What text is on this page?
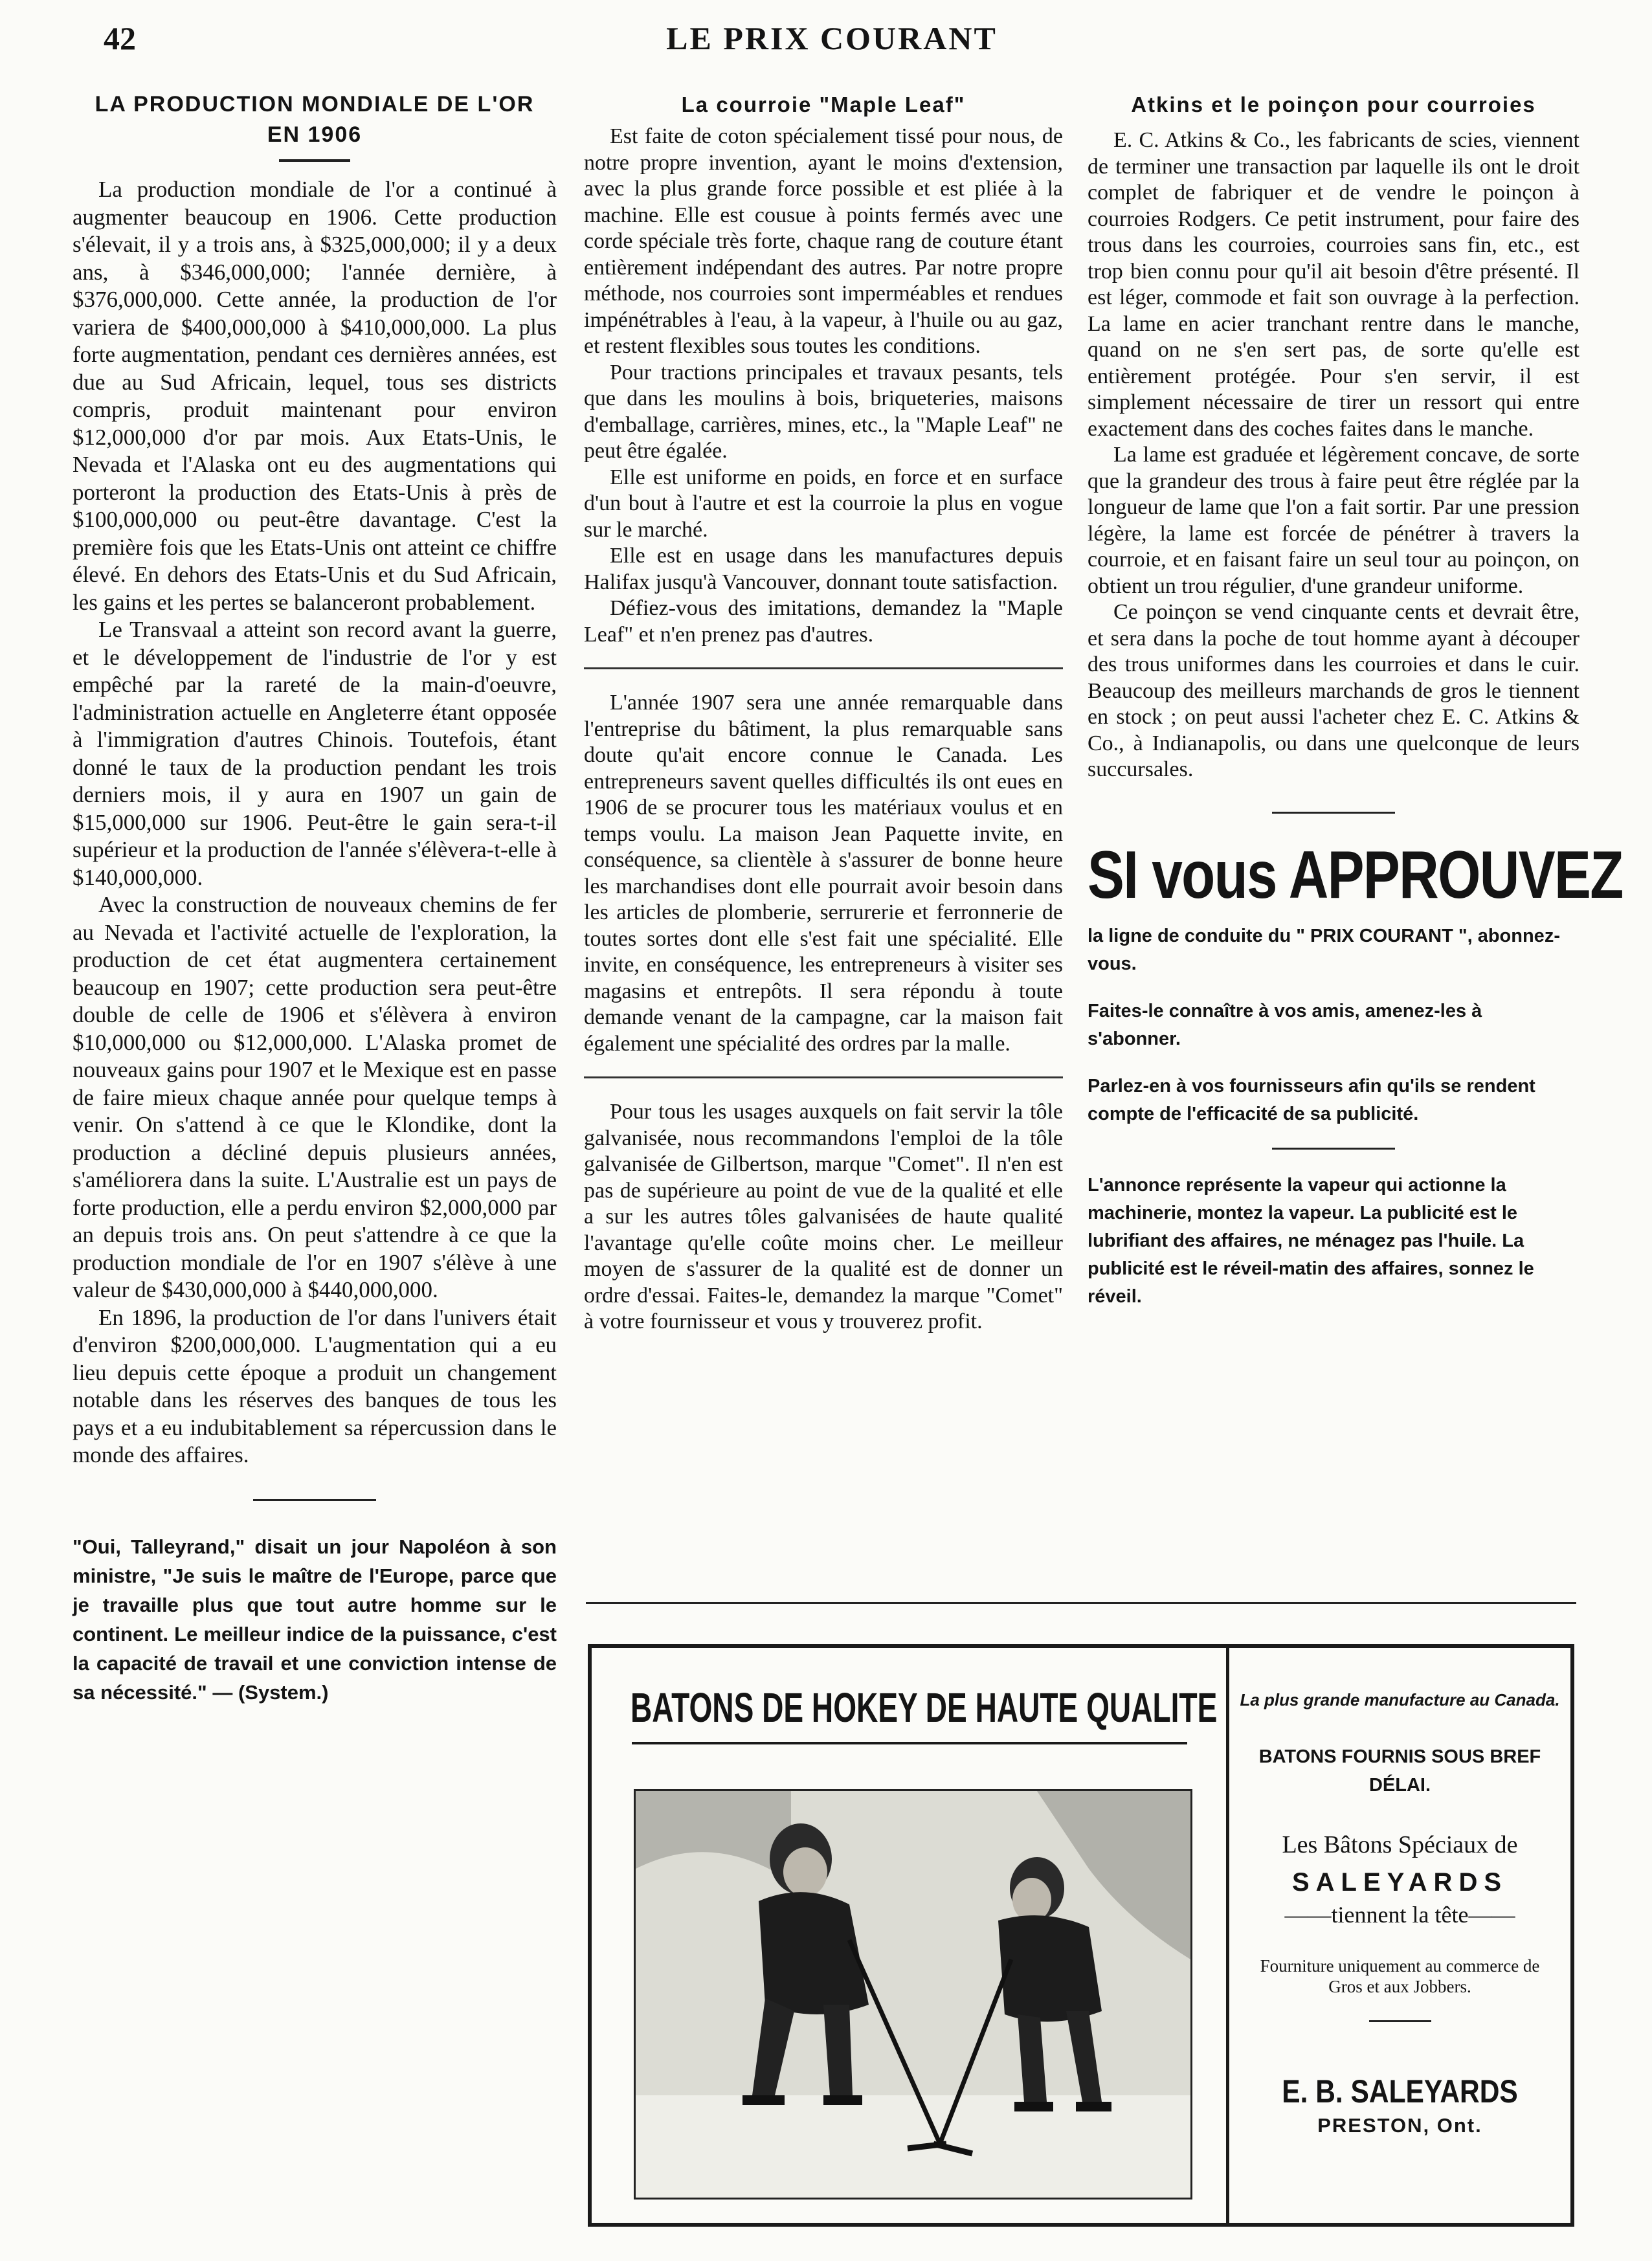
42	LE PRIX COURANT
LA PRODUCTION MONDIALE DE L'OR
EN 1906

La production mondiale de l'or a continué à augmenter beaucoup en 1906. Cette production s'élevait, il y a trois ans, à $325,000,000; il y a deux ans, à $346,000,000; l'année dernière, à $376,000,000. Cette année, la production de l'or variera de $400,000,000 à $410,000,000. La plus forte augmentation, pendant ces dernières années, est due au Sud Africain, lequel, tous ses districts compris, produit maintenant pour environ $12,000,000 d'or par mois. Aux Etats-Unis, le Nevada et l'Alaska ont eu des augmentations qui porteront la production des Etats-Unis à près de $100,000,000 ou peut-être davantage. C'est la première fois que les Etats-Unis ont atteint ce chiffre élevé. En dehors des Etats-Unis et du Sud Africain, les gains et les pertes se balanceront probablement.

Le Transvaal a atteint son record avant la guerre, et le développement de l'industrie de l'or y est empêché par la rareté de la main-d'oeuvre, l'administration actuelle en Angleterre étant opposée à l'immigration d'autres Chinois. Toutefois, étant donné le taux de la production pendant les trois derniers mois, il y aura en 1907 un gain de $15,000,000 sur 1906. Peut-être le gain sera-t-il supérieur et la production de l'année s'élèvera-t-elle à $140,000,000.

Avec la construction de nouveaux chemins de fer au Nevada et l'activité actuelle de l'exploration, la production de cet état augmentera certainement beaucoup en 1907; cette production sera peut-être double de celle de 1906 et s'élèvera à environ $10,000,000 ou $12,000,000. L'Alaska promet de nouveaux gains pour 1907 et le Mexique est en passe de faire mieux chaque année pour quelque temps à venir. On s'attend à ce que le Klondike, dont la production a décliné depuis plusieurs années, s'améliorera dans la suite. L'Australie est un pays de forte production, elle a perdu environ $2,000,000 par an depuis trois ans. On peut s'attendre à ce que la production mondiale de l'or en 1907 s'élève à une valeur de $430,000,000 à $440,000,000.

En 1896, la production de l'or dans l'univers était d'environ $200,000,000. L'augmentation qui a eu lieu depuis cette époque a produit un changement notable dans les réserves des banques de tous les pays et a eu indubitablement sa répercussion dans le monde des affaires.

"Oui, Talleyrand," disait un jour Napoléon à son ministre, "Je suis le maître de l'Europe, parce que je travaille plus que tout autre homme sur le continent. Le meilleur indice de la puissance, c'est la capacité de travail et une conviction intense de sa nécessité." — (System.)

La courroie "Maple Leaf"

Est faite de coton spécialement tissé pour nous, de notre propre invention, ayant le moins d'extension, avec la plus grande force possible et est pliée à la machine. Elle est cousue à points fermés avec une corde spéciale très forte, chaque rang de couture étant entièrement indépendant des autres. Par notre propre méthode, nos courroies sont imperméables et rendues impénétrables à l'eau, à la vapeur, à l'huile ou au gaz, et restent flexibles sous toutes les conditions.

Pour tractions principales et travaux pesants, tels que dans les moulins à bois, briqueteries, maisons d'emballage, carrières, mines, etc., la "Maple Leaf" ne peut être égalée.

Elle est uniforme en poids, en force et en surface d'un bout à l'autre et est la courroie la plus en vogue sur le marché.

Elle est en usage dans les manufactures depuis Halifax jusqu'à Vancouver, donnant toute satisfaction.

Défiez-vous des imitations, demandez la "Maple Leaf" et n'en prenez pas d'autres.

L'année 1907 sera une année remarquable dans l'entreprise du bâtiment, la plus remarquable sans doute qu'ait encore connue le Canada. Les entrepreneurs savent quelles difficultés ils ont eues en 1906 de se procurer tous les matériaux voulus et en temps voulu. La maison Jean Paquette invite, en conséquence, sa clientèle à s'assurer de bonne heure les marchandises dont elle pourrait avoir besoin dans les articles de plomberie, serrurerie et ferronnerie de toutes sortes dont elle s'est fait une spécialité. Elle invite, en conséquence, les entrepreneurs à visiter ses magasins et entrepôts. Il sera répondu à toute demande venant de la campagne, car la maison fait également une spécialité des ordres par la malle.

Pour tous les usages auxquels on fait servir la tôle galvanisée, nous recommandons l'emploi de la tôle galvanisée de Gilbertson, marque "Comet". Il n'en est pas de supérieure au point de vue de la qualité et elle a sur les autres tôles galvanisées de haute qualité l'avantage qu'elle coûte moins cher. Le meilleur moyen de s'assurer de la qualité est de donner un ordre d'essai. Faites-le, demandez la marque "Comet" à votre fournisseur et vous y trouverez profit.

Atkins et le poinçon pour courroies

E. C. Atkins & Co., les fabricants de scies, viennent de terminer une transaction par laquelle ils ont le droit complet de fabriquer et de vendre le poinçon à courroies Rodgers. Ce petit instrument, pour faire des trous dans les courroies, courroies sans fin, etc., est trop bien connu pour qu'il ait besoin d'être présenté. Il est léger, commode et fait son ouvrage à la perfection. La lame en acier tranchant rentre dans le manche, quand on ne s'en sert pas, de sorte qu'elle est entièrement protégée. Pour s'en servir, il est simplement nécessaire de tirer un ressort qui entre exactement dans des coches faites dans le manche.

La lame est graduée et légèrement concave, de sorte que la grandeur des trous à faire peut être réglée par la longueur de lame que l'on a fait sortir. Par une pression légère, la lame est forcée de pénétrer à travers la courroie, et en faisant faire un seul tour au poinçon, on obtient un trou régulier, d'une grandeur uniforme.

Ce poinçon se vend cinquante cents et devrait être, et sera dans la poche de tout homme ayant à découper des trous uniformes dans les courroies et dans le cuir. Beaucoup des meilleurs marchands de gros le tiennent en stock ; on peut aussi l'acheter chez E. C. Atkins & Co., à Indianapolis, ou dans une quelconque de leurs succursales.

SI vous APPROUVEZ

la ligne de conduite du " PRIX COURANT ", abonnez-vous.

Faites-le connaître à vos amis, amenez-les à s'abonner.

Parlez-en à vos fournisseurs afin qu'ils se rendent compte de l'efficacité de sa publicité.

L'annonce représente la vapeur qui actionne la machinerie, montez la vapeur. La publicité est le lubrifiant des affaires, ne ménagez pas l'huile. La publicité est le réveil-matin des affaires, sonnez le réveil.

BATONS DE HOKEY DE HAUTE QUALITE	La plus grande manufacture au Canada.
BATONS FOURNIS SOUS BREF DÉLAI.
Les Bâtons Spéciaux de
SALEYARDS
——tiennent la tête——
Fourniture uniquement au commerce de Gros et aux Jobbers.
E. B. SALEYARDS
PRESTON, Ont.
